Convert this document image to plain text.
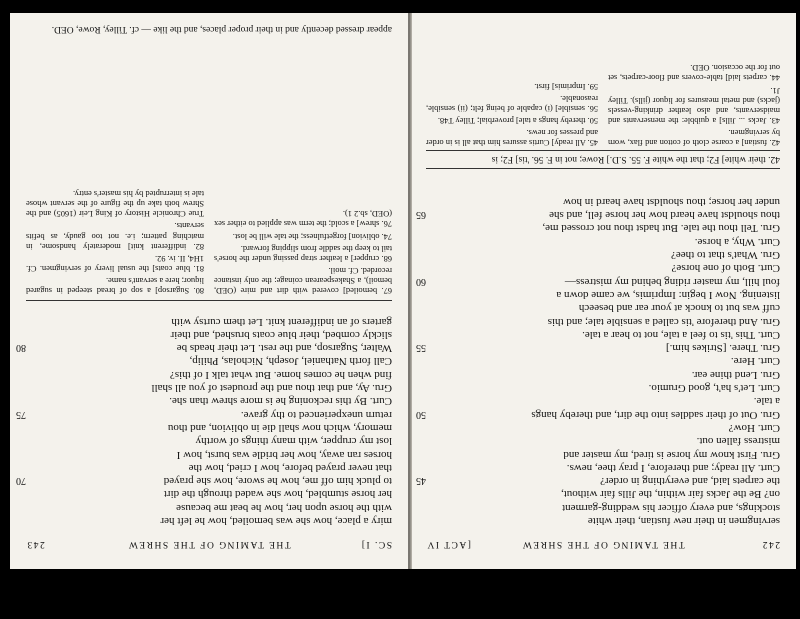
242
THE TAMING OF THE SHREW
[ACT IV
servingmen in their new fustian, their white
stockings, and every officer his wedding-garment
on? Be the Jacks fair within, the Jills fair without,
the carpets laid, and everything in order?
45
Curt. All ready; and therefore, I pray thee, news.
Gru. First know my horse is tired, my master and
mistress fallen out.
Curt. How?
Gru. Out of their saddles into the dirt, and thereby hangs
50
a tale.
Curt. Let's ha't, good Grumio.
Gru. Lend thine ear.
Curt. Here.
Gru. There. [Strikes him.]
55
Curt. This 'tis to feel a tale, not to hear a tale.
Gru. And therefore 'tis called a sensible tale; and this
cuff was but to knock at your ear and beseech
listening. Now I begin: Imprimis, we came down a
foul hill, my master riding behind my mistress—
60
Curt. Both of one horse?
Gru. What's that to thee?
Curt. Why, a horse.
Gru. Tell thou the tale. But hadst thou not crossed me,
thou shouldst have heard how her horse fell, and she
65
under her horse; thou shouldst have heard in how
42. their white] F2; that the white F. 55. S.D.] Rowe; not in F. 56. 'tis] F2; is

42. fustian] a coarse cloth of cotton and flax, worn by servingmen.

43. Jacks ... Jills] a quibble: the menservants and maidservants, and also leather drinking-vessels (jacks) and metal measures for liquor (jills). Tilley J1.

44. carpets laid] table-covers and floor-carpets, set out for the occasion. OED.

45. All ready] Curtis assures him that all is in order and presses for news.

50. thereby hangs a tale] proverbial; Tilley T48.

56. sensible] (i) capable of being felt; (ii) sensible, reasonable.

59. Imprimis] first.

SC. I]
THE TAMING OF THE SHREW
243
miry a place, how she was bemoiled, how he left her
with the horse upon her, how he beat me because
her horse stumbled, how she waded through the dirt
to pluck him off me, how he swore, how she prayed
70
that never prayed before, how I cried, how the
horses ran away, how her bridle was burst, how I
lost my crupper, with many things of worthy
memory, which now shall die in oblivion, and thou
return unexperienced to thy grave.
75
Curt. By this reckoning he is more shrew than she.
Gru. Ay, and that thou and the proudest of you all shall
find when he comes home. But what talk I of this?
Call forth Nathaniel, Joseph, Nicholas, Philip,
Walter, Sugarsop, and the rest. Let their heads be
80
slickly combed, their blue coats brushed, and their
garters of an indifferent knit. Let them curtsy with

67. bemoiled] covered with dirt and mire (OED, bemoil), a Shakespearean coinage; the only instance recorded. Cf. moil.

68. crupper] a leather strap passing under the horse's tail to keep the saddle from slipping forward.

74. oblivion] forgetfulness; the tale will be lost.

76. shrew] a scold; the term was applied to either sex (OED, sb.2 1).

80. Sugarsop] a sop of bread steeped in sugared liquor; here a servant's name.

81. blue coats] the usual livery of servingmen. Cf. 1H4, II. iv. 92.

82. indifferent knit] moderately handsome, in matching pattern; i.e. not too gaudy, as befits servants.

True Chronicle History of King Leir (1605) and the Shrew both take up the figure of the servant whose tale is interrupted by his master's entry.

appear dressed decently and in their proper places, and the like — cf. Tilley, Rowe, OED.
